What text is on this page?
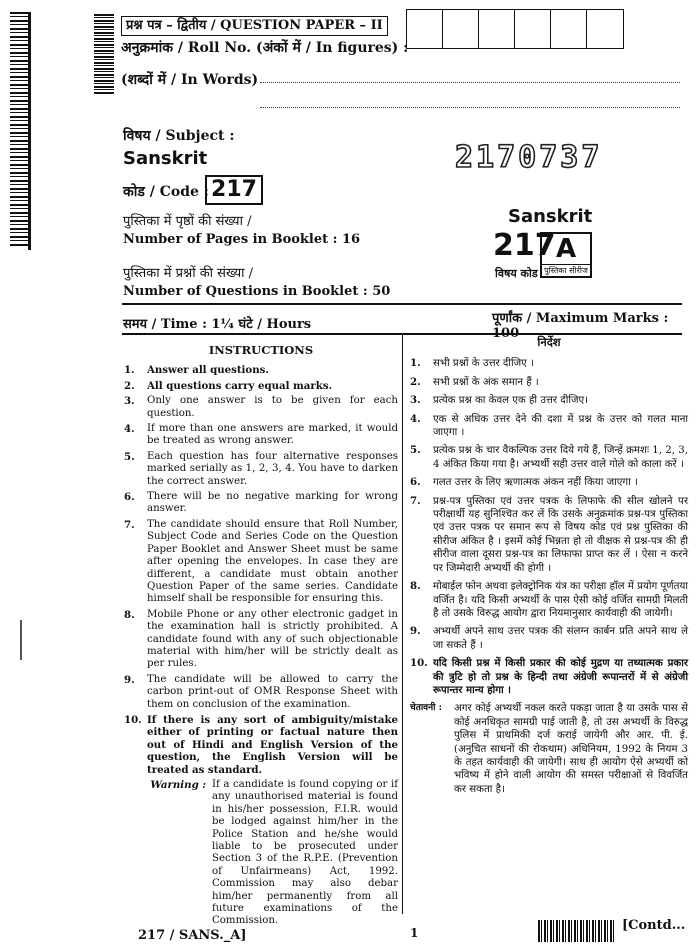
प्रश्न पत्र – द्वितीय / QUESTION PAPER – II
अनुक्रमांक / Roll No. (अंकों में / In figures) :
(शब्दों में / In Words)
विषय / Subject :
Sanskrit	2170737
कोड / Code : 217
पुस्तिका में पृष्ठों की संख्या /
Number of Pages in Booklet : 16
पुस्तिका में प्रश्नों की संख्या /
Number of Questions in Booklet : 50
Sanskrit
217 A
पुस्तिका सीरीज
विषय कोड
समय / Time : 1¼ घंटे / Hours	पूर्णांक / Maximum Marks : 100
INSTRUCTIONS
1.	Answer all questions.
2.	All questions carry equal marks.
3.	Only one answer is to be given for each question.
4.	If more than one answers are marked, it would be treated as wrong answer.
5.	Each question has four alternative responses marked serially as 1, 2, 3, 4. You have to darken the correct answer.
6.	There will be no negative marking for wrong answer.
7.	The candidate should ensure that Roll Number, Subject Code and Series Code on the Question Paper Booklet and Answer Sheet must be same after opening the envelopes. In case they are different, a candidate must obtain another Question Paper of the same series. Candidate himself shall be responsible for ensuring this.
8.	Mobile Phone or any other electronic gadget in the examination hall is strictly prohibited. A candidate found with any of such objectionable material with him/her will be strictly dealt as per rules.
9.	The candidate will be allowed to carry the carbon print-out of OMR Response Sheet with them on conclusion of the examination.
10. If there is any sort of ambiguity/mistake either of printing or factual nature then out of Hindi and English Version of the question, the English Version will be treated as standard.
Warning : If a candidate is found copying or if any unauthorised material is found in his/her possession, F.I.R. would be lodged against him/her in the Police Station and he/she would liable to be prosecuted under Section 3 of the R.P.E. (Prevention of Unfairmeans) Act, 1992. Commission may also debar him/her permanently from all future examinations of the Commission.
निर्देश
1.	सभी प्रश्नों के उत्तर दीजिए ।
2.	सभी प्रश्नों के अंक समान हैं ।
3.	प्रत्येक प्रश्न का केवल एक ही उत्तर दीजिए।
4.	एक से अधिक उत्तर देने की दशा में प्रश्न के उत्तर को गलत माना जाएगा ।
5.	प्रत्येक प्रश्न के चार वैकल्पिक उत्तर दिये गये हैं, जिन्हें क्रमशः 1, 2, 3, 4 अंकित किया गया है। अभ्यर्थी सही उत्तर वाले गोले को काला करें ।
6.	गलत उत्तर के लिए ऋणात्मक अंकन नहीं किया जाएगा ।
7.	प्रश्न-पत्र पुस्तिका एवं उत्तर पत्रक के लिफाफे की सील खोलने पर परीक्षार्थी यह सुनिश्चित कर लें कि उसके अनुक्रमांक प्रश्न-पत्र पुस्तिका एवं उत्तर पत्रक पर समान रूप से विषय कोड एवं प्रश्न पुस्तिका की सीरीज अंकित है । इसमें कोई भिन्नता हो तो वीक्षक से प्रश्न-पत्र की ही सीरीज वाला दूसरा प्रश्न-पत्र का लिफाफा प्राप्त कर लें । ऐसा न करने पर जिम्मेदारी अभ्यर्थी की होगी ।
8.	मोबाईल फोन अथवा इलेक्ट्रोनिक यंत्र का परीक्षा हॉल में प्रयोग पूर्णतया वर्जित है। यदि किसी अभ्यर्थी के पास ऐसी कोई वर्जित सामग्री मिलती है तो उसके विरुद्ध आयोग द्वारा नियमानुसार कार्यवाही की जायेगी।
9.	अभ्यर्थी अपने साथ उत्तर पत्रक की संलग्न कार्बन प्रति अपने साथ ले जा सकते हैं ।
10. यदि किसी प्रश्न में किसी प्रकार की कोई मुद्रण या तथ्यात्मक प्रकार की त्रुटि हो तो प्रश्न के हिन्दी तथा अंग्रेजी रूपान्तरों में से अंग्रेजी रूपान्तर मान्य होगा ।
चेतावनी :	अगर कोई अभ्यर्थी नकल करते पकड़ा जाता है या उसके पास से कोई अनधिकृत सामग्री पाई जाती है, तो उस अभ्यर्थी के विरुद्ध पुलिस में प्राथमिकी दर्ज कराई जायेगी और आर. पी. ई. (अनुचित साधनों की रोकथाम) अधिनियम, 1992 के नियम 3 के तहत कार्यवाही की जायेगी। साथ ही आयोग ऐसे अभ्यर्थी को भविष्य में होने वाली आयोग की समस्त परीक्षाओं से विवर्जित कर सकता है।
217 / SANS._A]	1	[Contd...
